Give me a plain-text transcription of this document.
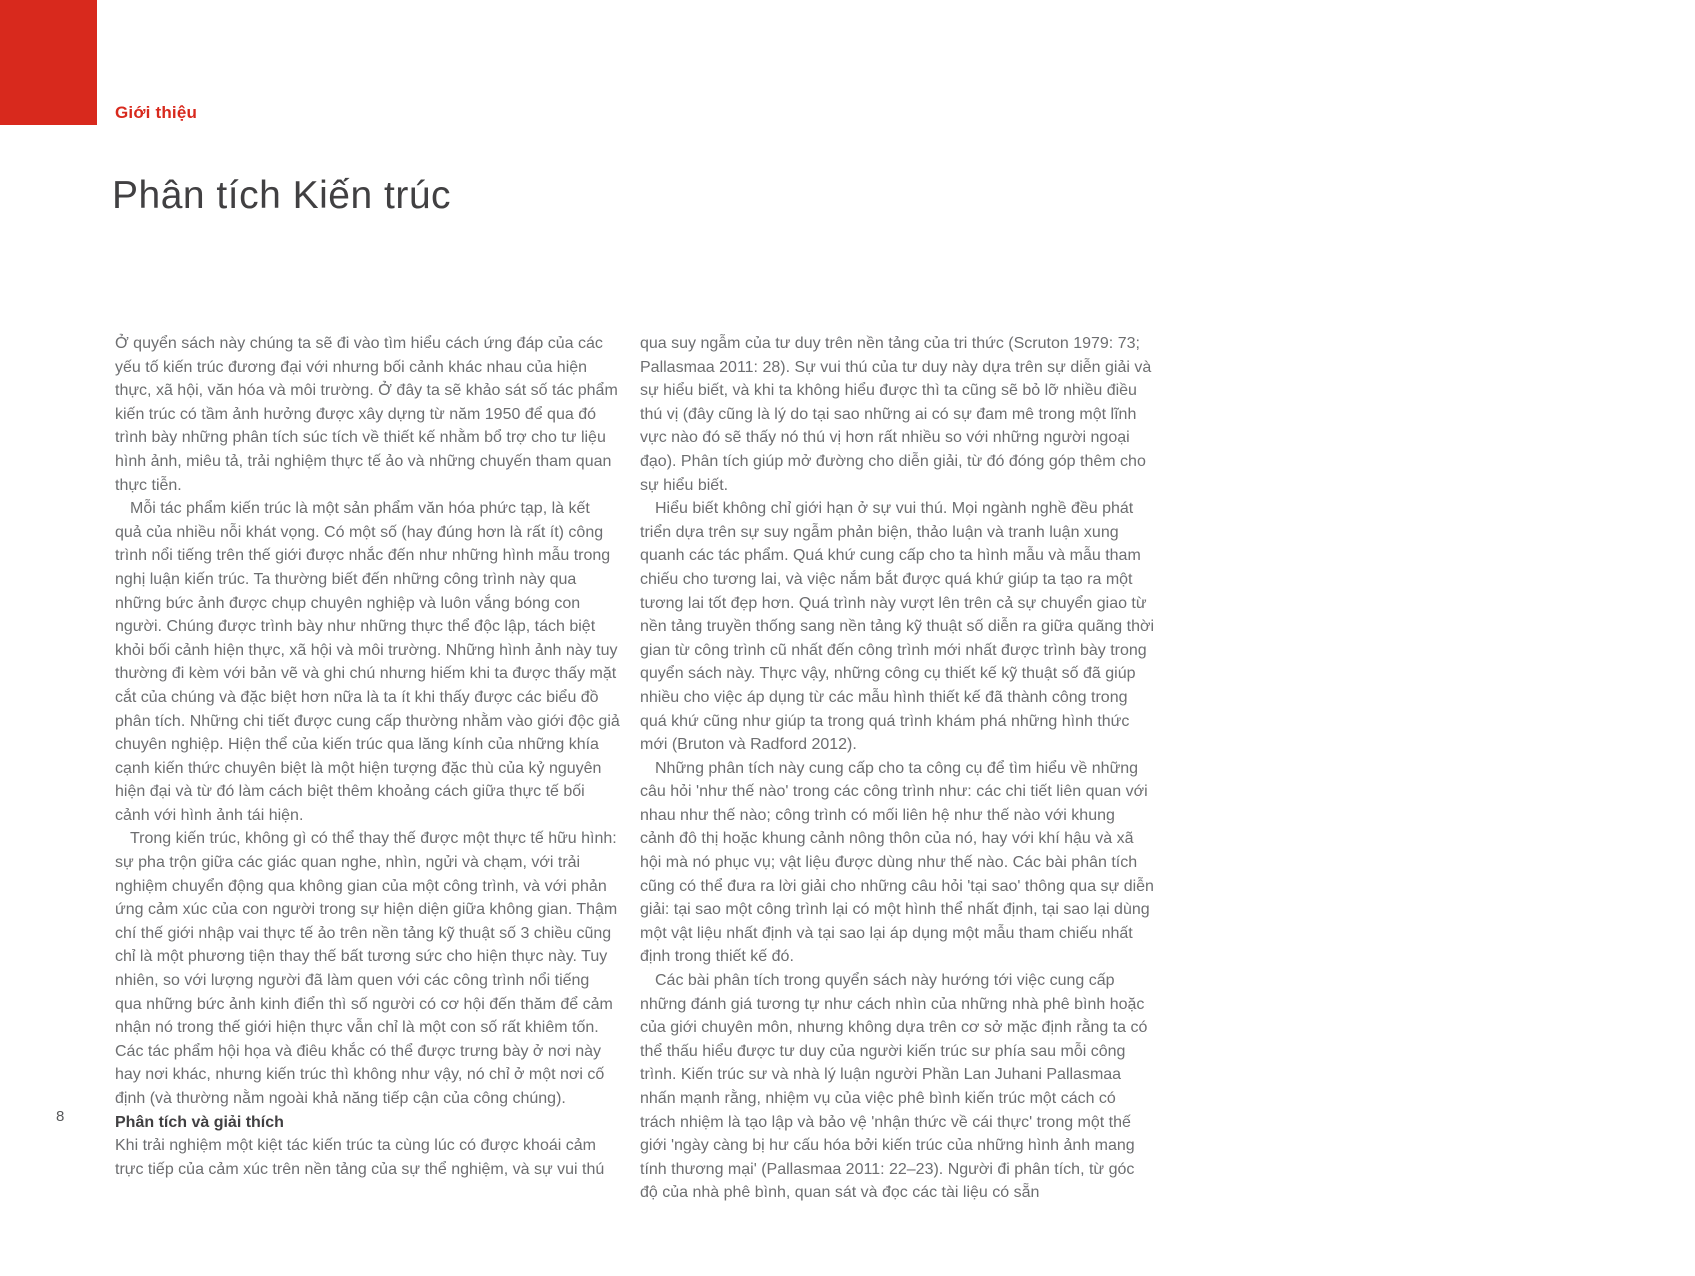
Giới thiệu
Phân tích Kiến trúc

Ở quyển sách này chúng ta sẽ đi vào tìm hiểu cách ứng đáp của các yếu tố kiến trúc đương đại với nhưng bối cảnh khác nhau của hiện thực, xã hội, văn hóa và môi trường. Ở đây ta sẽ khảo sát số tác phẩm kiến trúc có tầm ảnh hưởng được xây dựng từ năm 1950 để qua đó trình bày những phân tích súc tích về thiết kế nhằm bổ trợ cho tư liệu hình ảnh, miêu tả, trải nghiệm thực tế ảo và những chuyến tham quan thực tiễn.

Mỗi tác phẩm kiến trúc là một sản phẩm văn hóa phức tạp, là kết quả của nhiều nỗi khát vọng. Có một số (hay đúng hơn là rất ít) công trình nổi tiếng trên thế giới được nhắc đến như những hình mẫu trong nghị luận kiến trúc. Ta thường biết đến những công trình này qua những bức ảnh được chụp chuyên nghiệp và luôn vắng bóng con người. Chúng được trình bày như những thực thể độc lập, tách biệt khỏi bối cảnh hiện thực, xã hội và môi trường. Những hình ảnh này tuy thường đi kèm với bản vẽ và ghi chú nhưng hiếm khi ta được thấy mặt cắt của chúng và đặc biệt hơn nữa là ta ít khi thấy được các biểu đồ phân tích. Những chi tiết được cung cấp thường nhằm vào giới độc giả chuyên nghiệp. Hiện thể của kiến trúc qua lăng kính của những khía cạnh kiến thức chuyên biệt là một hiện tượng đặc thù của kỷ nguyên hiện đại và từ đó làm cách biệt thêm khoảng cách giữa thực tế bối cảnh với hình ảnh tái hiện.

Trong kiến trúc, không gì có thể thay thế được một thực tế hữu hình: sự pha trộn giữa các giác quan nghe, nhìn, ngửi và chạm, với trải nghiệm chuyển động qua không gian của một công trình, và với phản ứng cảm xúc của con người trong sự hiện diện giữa không gian. Thậm chí thế giới nhập vai thực tế ảo trên nền tảng kỹ thuật số 3 chiều cũng chỉ là một phương tiện thay thế bất tương sức cho hiện thực này. Tuy nhiên, so với lượng người đã làm quen với các công trình nổi tiếng qua những bức ảnh kinh điển thì số người có cơ hội đến thăm để cảm nhận nó trong thế giới hiện thực vẫn chỉ là một con số rất khiêm tốn. Các tác phẩm hội họa và điêu khắc có thể được trưng bày ở nơi này hay nơi khác, nhưng kiến trúc thì không như vậy, nó chỉ ở một nơi cố định (và thường nằm ngoài khả năng tiếp cận của công chúng).

Phân tích và giải thích

Khi trải nghiệm một kiệt tác kiến trúc ta cùng lúc có được khoái cảm trực tiếp của cảm xúc trên nền tảng của sự thể nghiệm, và sự vui thú

qua suy ngẫm của tư duy trên nền tảng của tri thức (Scruton 1979: 73; Pallasmaa 2011: 28). Sự vui thú của tư duy này dựa trên sự diễn giải và sự hiểu biết, và khi ta không hiểu được thì ta cũng sẽ bỏ lỡ nhiều điều thú vị (đây cũng là lý do tại sao những ai có sự đam mê trong một lĩnh vực nào đó sẽ thấy nó thú vị hơn rất nhiều so với những người ngoại đạo). Phân tích giúp mở đường cho diễn giải, từ đó đóng góp thêm cho sự hiểu biết.

Hiểu biết không chỉ giới hạn ở sự vui thú. Mọi ngành nghề đều phát triển dựa trên sự suy ngẫm phản biện, thảo luận và tranh luận xung quanh các tác phẩm. Quá khứ cung cấp cho ta hình mẫu và mẫu tham chiếu cho tương lai, và việc nắm bắt được quá khứ giúp ta tạo ra một tương lai tốt đẹp hơn. Quá trình này vượt lên trên cả sự chuyển giao từ nền tảng truyền thống sang nền tảng kỹ thuật số diễn ra giữa quãng thời gian từ công trình cũ nhất đến công trình mới nhất được trình bày trong quyển sách này. Thực vậy, những công cụ thiết kế kỹ thuật số đã giúp nhiều cho việc áp dụng từ các mẫu hình thiết kế đã thành công trong quá khứ cũng như giúp ta trong quá trình khám phá những hình thức mới (Bruton và Radford 2012).

Những phân tích này cung cấp cho ta công cụ để tìm hiểu về những câu hỏi 'như thế nào' trong các công trình như: các chi tiết liên quan với nhau như thế nào; công trình có mối liên hệ như thế nào với khung cảnh đô thị hoặc khung cảnh nông thôn của nó, hay với khí hậu và xã hội mà nó phục vụ; vật liệu được dùng như thế nào. Các bài phân tích cũng có thể đưa ra lời giải cho những câu hỏi 'tại sao' thông qua sự diễn giải: tại sao một công trình lại có một hình thể nhất định, tại sao lại dùng một vật liệu nhất định và tại sao lại áp dụng một mẫu tham chiếu nhất định trong thiết kế đó.

Các bài phân tích trong quyển sách này hướng tới việc cung cấp những đánh giá tương tự như cách nhìn của những nhà phê bình hoặc của giới chuyên môn, nhưng không dựa trên cơ sở mặc định rằng ta có thể thấu hiểu được tư duy của người kiến trúc sư phía sau mỗi công trình. Kiến trúc sư và nhà lý luận người Phần Lan Juhani Pallasmaa nhấn mạnh rằng, nhiệm vụ của việc phê bình kiến trúc một cách có trách nhiệm là tạo lập và bảo vệ 'nhận thức về cái thực' trong một thế giới 'ngày càng bị hư cấu hóa bởi kiến trúc của những hình ảnh mang tính thương mại' (Pallasmaa 2011: 22–23). Người đi phân tích, từ góc độ của nhà phê bình, quan sát và đọc các tài liệu có sẵn

8
